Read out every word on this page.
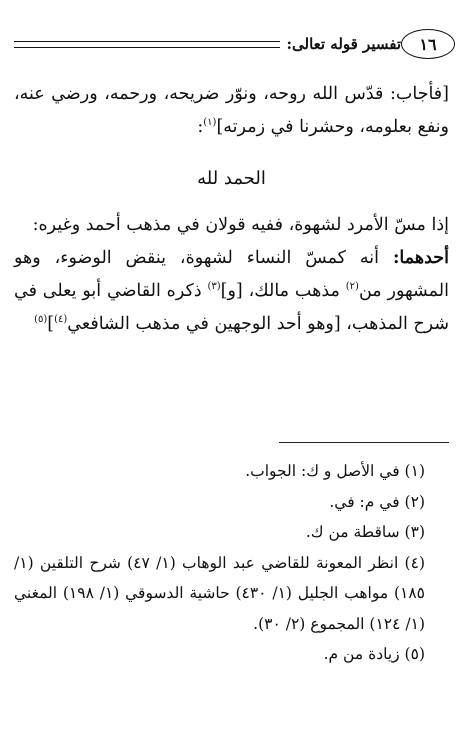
١٦
تفسير قوله تعالى:

[فأجاب: قدّس الله روحه، ونوّر ضريحه، ورحمه، ورضي عنه، ونفع بعلومه، وحشرنا في زمرته]$^{(١)}$:

الحمد لله

إذا مسّ الأمرد لشهوة، ففيه قولان في مذهب أحمد وغيره:

أحدهما: أنه كمسّ النساء لشهوة، ينقض الوضوء، وهو المشهور من$^{(٢)}$ مذهب مالك، [و]$^{(٣)}$ ذكره القاضي أبو يعلى في شرح المذهب، [وهو أحد الوجهين في مذهب الشافعي$^{(٤)}$]$^{(٥)}$

(١) في الأصل و ك: الجواب.

(٢) في م: في.

(٣) ساقطة من ك.

(٤) انظر المعونة للقاضي عبد الوهاب (١/ ٤٧) شرح التلقين (١/ ١٨٥) مواهب الجليل (١/ ٤٣٠) حاشية الدسوقي (١/ ١٩٨) المغني (١/ ١٢٤) المجموع (٢/ ٣٠).

(٥) زيادة من م.
